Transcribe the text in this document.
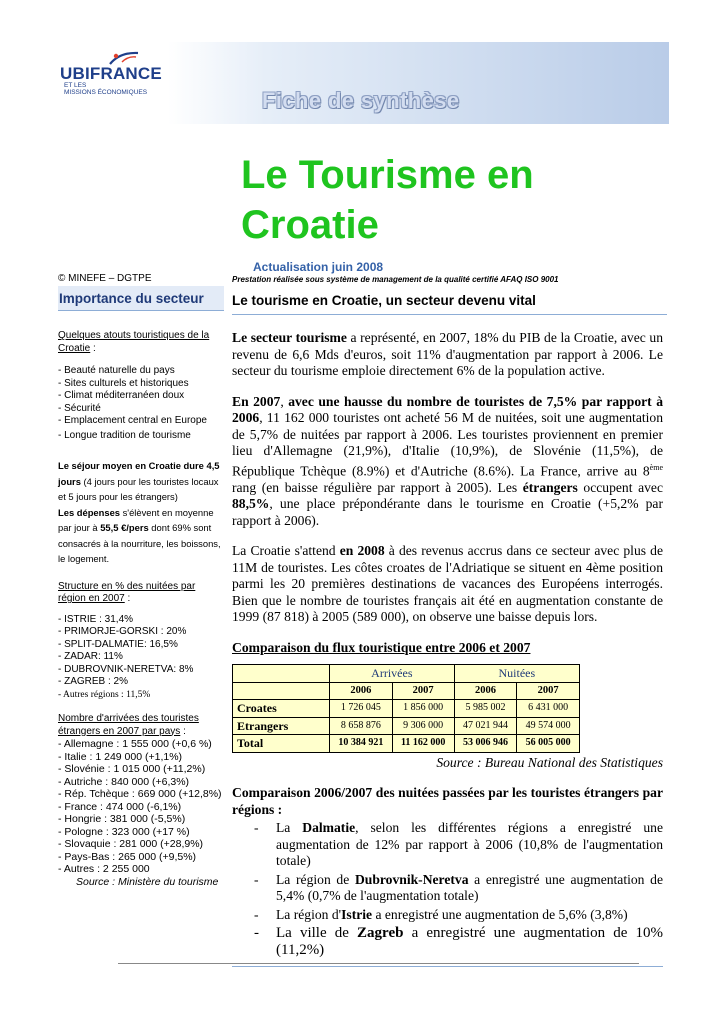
UBIFRANCE
ET LES
MISSIONS ÉCONOMIQUES	Fiche de synthèse
Le Tourisme en
Croatie
Actualisation juin 2008
© MINEFE – DGTPE	Prestation réalisée sous système de management de la qualité certifié AFAQ ISO 9001
Importance du secteur Le tourisme en Croatie, un secteur devenu vital
Quelques atouts touristiques de la Croatie :
- Beauté naturelle du pays
- Sites culturels et historiques
- Climat méditerranéen doux
- Sécurité
- Emplacement central en Europe
- Longue tradition de tourisme
Le séjour moyen en Croatie dure 4,5 jours (4 jours pour les touristes locaux et 5 jours pour les étrangers)
Les dépenses s'élèvent en moyenne par jour à 55,5 €/pers dont 69% sont consacrés à la nourriture, les boissons, le logement.
Structure en % des nuitées par région en 2007 :
- ISTRIE : 31,4%
- PRIMORJE-GORSKI : 20%
- SPLIT-DALMATIE: 16,5%
- ZADAR: 11%
- DUBROVNIK-NERETVA: 8%
- ZAGREB : 2%
- Autres régions : 11,5%
Nombre d'arrivées des touristes étrangers en 2007 par pays :
- Allemagne : 1 555 000 (+0,6 %)
- Italie : 1 249 000 (+1,1%)
- Slovénie : 1 015 000 (+11,2%)
- Autriche : 840 000 (+6,3%)
- Rép. Tchèque : 669 000 (+12,8%)
- France : 474 000 (-6,1%)
- Hongrie : 381 000 (-5,5%)
- Pologne : 323 000 (+17 %)
- Slovaquie : 281 000 (+28,9%)
- Pays-Bas : 265 000 (+9,5%)
- Autres : 2 255 000
Source : Ministère du tourisme

Le secteur tourisme a représenté, en 2007, 18% du PIB de la Croatie, avec un revenu de 6,6 Mds d'euros, soit 11% d'augmentation par rapport à 2006. Le secteur du tourisme emploie directement 6% de la population active.

En 2007, avec une hausse du nombre de touristes de 7,5% par rapport à 2006, 11 162 000 touristes ont acheté 56 M de nuitées, soit une augmentation de 5,7% de nuitées par rapport à 2006. Les touristes proviennent en premier lieu d'Allemagne (21,9%), d'Italie (10,9%), de Slovénie (11,5%), de République Tchèque (8.9%) et d'Autriche (8.6%). La France, arrive au 8ème rang (en baisse régulière par rapport à 2005). Les étrangers occupent avec 88,5%, une place prépondérante dans le tourisme en Croatie (+5,2% par rapport à 2006).

La Croatie s'attend en 2008 à des revenus accrus dans ce secteur avec plus de 11M de touristes. Les côtes croates de l'Adriatique se situent en 4ème position parmi les 20 premières destinations de vacances des Européens interrogés. Bien que le nombre de touristes français ait été en augmentation constante de 1999 (87 818) à 2005 (589 000), on observe une baisse depuis lors.

Comparaison du flux touristique entre 2006 et 2007
	Arrivées		Nuitées	
	2006	2007	2006	2007
Croates	1 726 045	1 856 000	5 985 002	6 431 000
Etrangers	8 658 876	9 306 000	47 021 944	49 574 000
Total	10 384 921	11 162 000	53 006 946	56 005 000
Source : Bureau National des Statistiques
Comparaison 2006/2007 des nuitées passées par les touristes étrangers par régions :
- La Dalmatie, selon les différentes régions a enregistré une augmentation de 12% par rapport à 2006 (10,8% de l'augmentation totale)
- La région de Dubrovnik-Neretva a enregistré une augmentation de 5,4% (0,7% de l'augmentation totale)
- La région d'Istrie a enregistré une augmentation de 5,6% (3,8%)
- La ville de Zagreb a enregistré une augmentation de 10% (11,2%)
